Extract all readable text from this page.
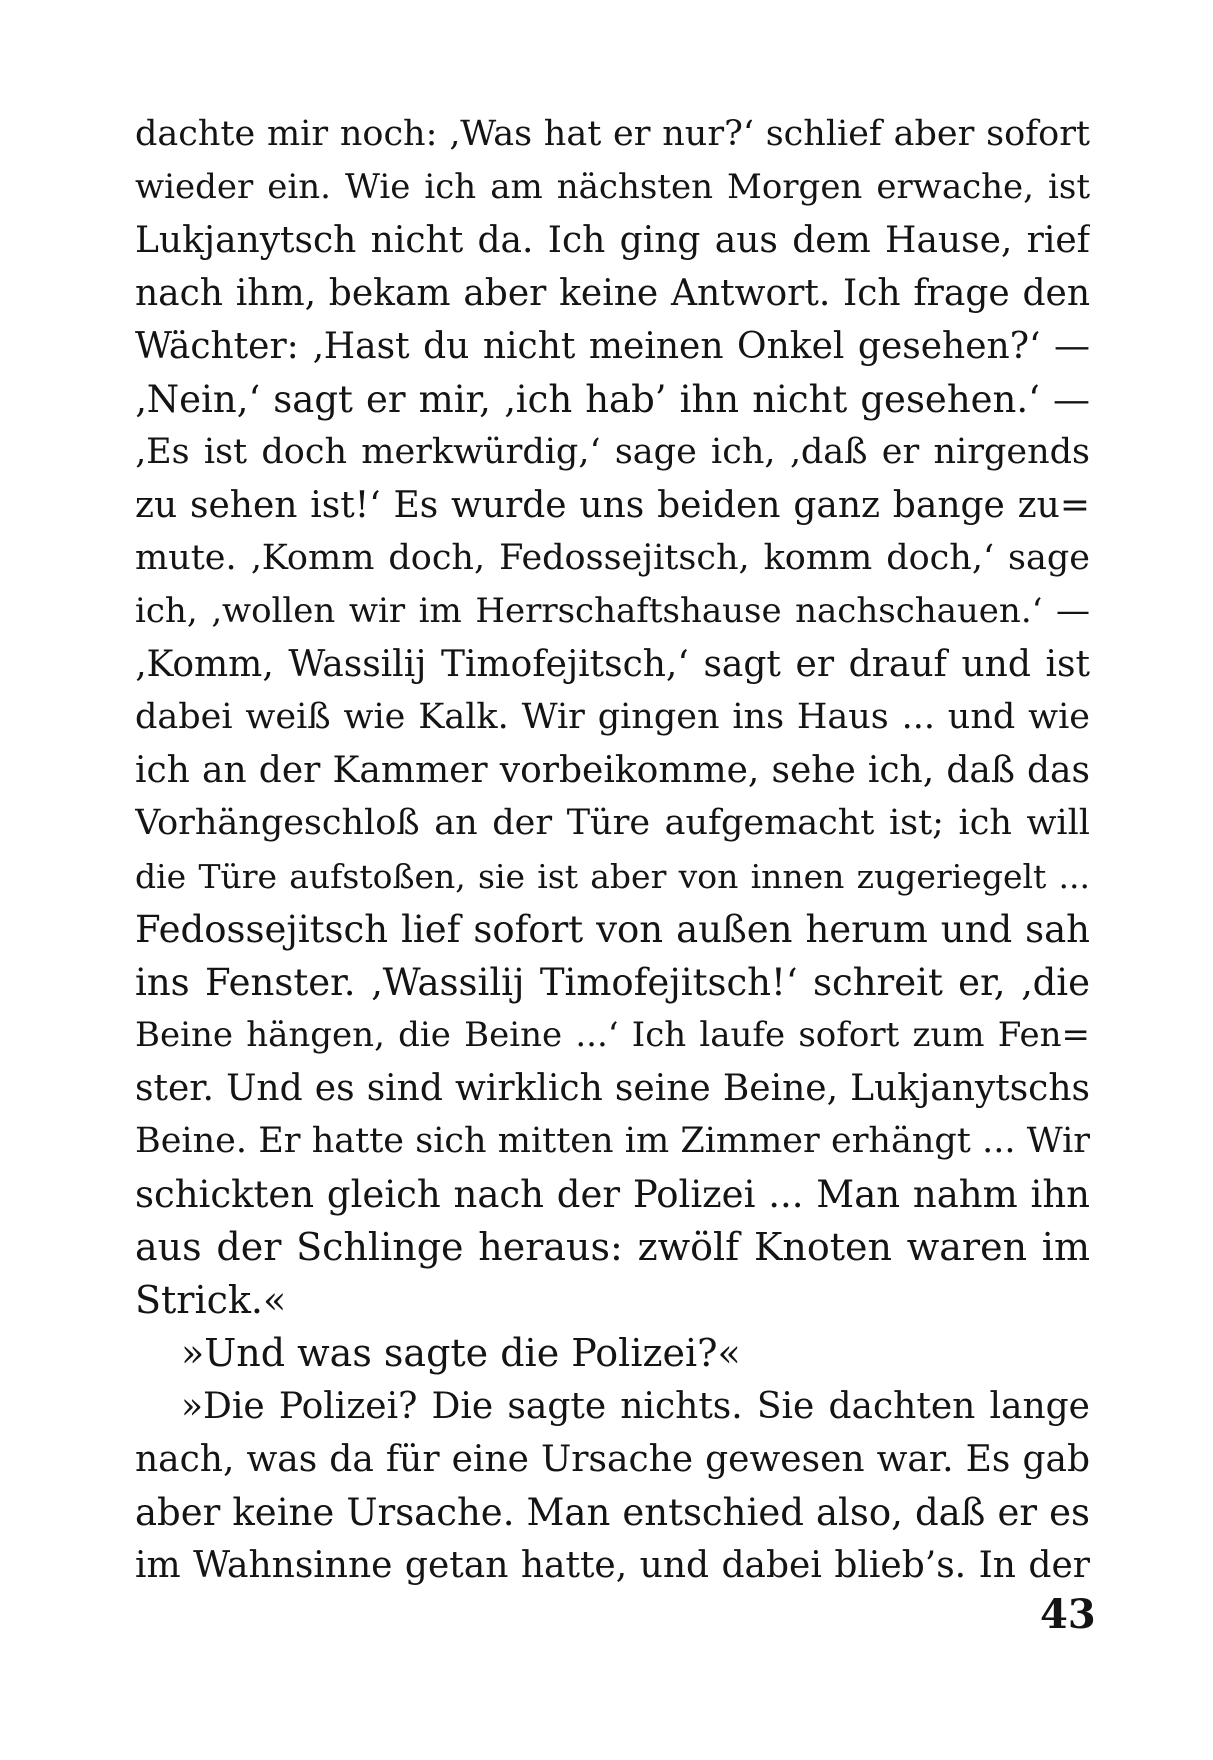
dachte mir noch: ‚Was hat er nur?‘ schlief aber sofort
wieder ein. Wie ich am nächsten Morgen erwache, ist
Lukjanytsch nicht da. Ich ging aus dem Hause, rief
nach ihm, bekam aber keine Antwort. Ich frage den
Wächter: ‚Hast du nicht meinen Onkel gesehen?‘ —
‚Nein,‘ sagt er mir, ‚ich hab’ ihn nicht gesehen.‘ —
‚Es ist doch merkwürdig,‘ sage ich, ‚daß er nirgends
zu sehen ist!‘ Es wurde uns beiden ganz bange zu=
mute. ‚Komm doch, Fedossejitsch, komm doch,‘ sage
ich, ‚wollen wir im Herrschaftshause nachschauen.‘ —
‚Komm, Wassilij Timofejitsch,‘ sagt er drauf und ist
dabei weiß wie Kalk. Wir gingen ins Haus ... und wie
ich an der Kammer vorbeikomme, sehe ich, daß das
Vorhängeschloß an der Türe aufgemacht ist; ich will
die Türe aufstoßen, sie ist aber von innen zugeriegelt ...
Fedossejitsch lief sofort von außen herum und sah
ins Fenster. ‚Wassilij Timofejitsch!‘ schreit er, ‚die
Beine hängen, die Beine ...‘ Ich laufe sofort zum Fen=
ster. Und es sind wirklich seine Beine, Lukjanytschs
Beine. Er hatte sich mitten im Zimmer erhängt ... Wir
schickten gleich nach der Polizei ... Man nahm ihn
aus der Schlinge heraus: zwölf Knoten waren im
Strick.«
»Und was sagte die Polizei?«
»Die Polizei? Die sagte nichts. Sie dachten lange
nach, was da für eine Ursache gewesen war. Es gab
aber keine Ursache. Man entschied also, daß er es
im Wahnsinne getan hatte, und dabei blieb’s. In der
43
